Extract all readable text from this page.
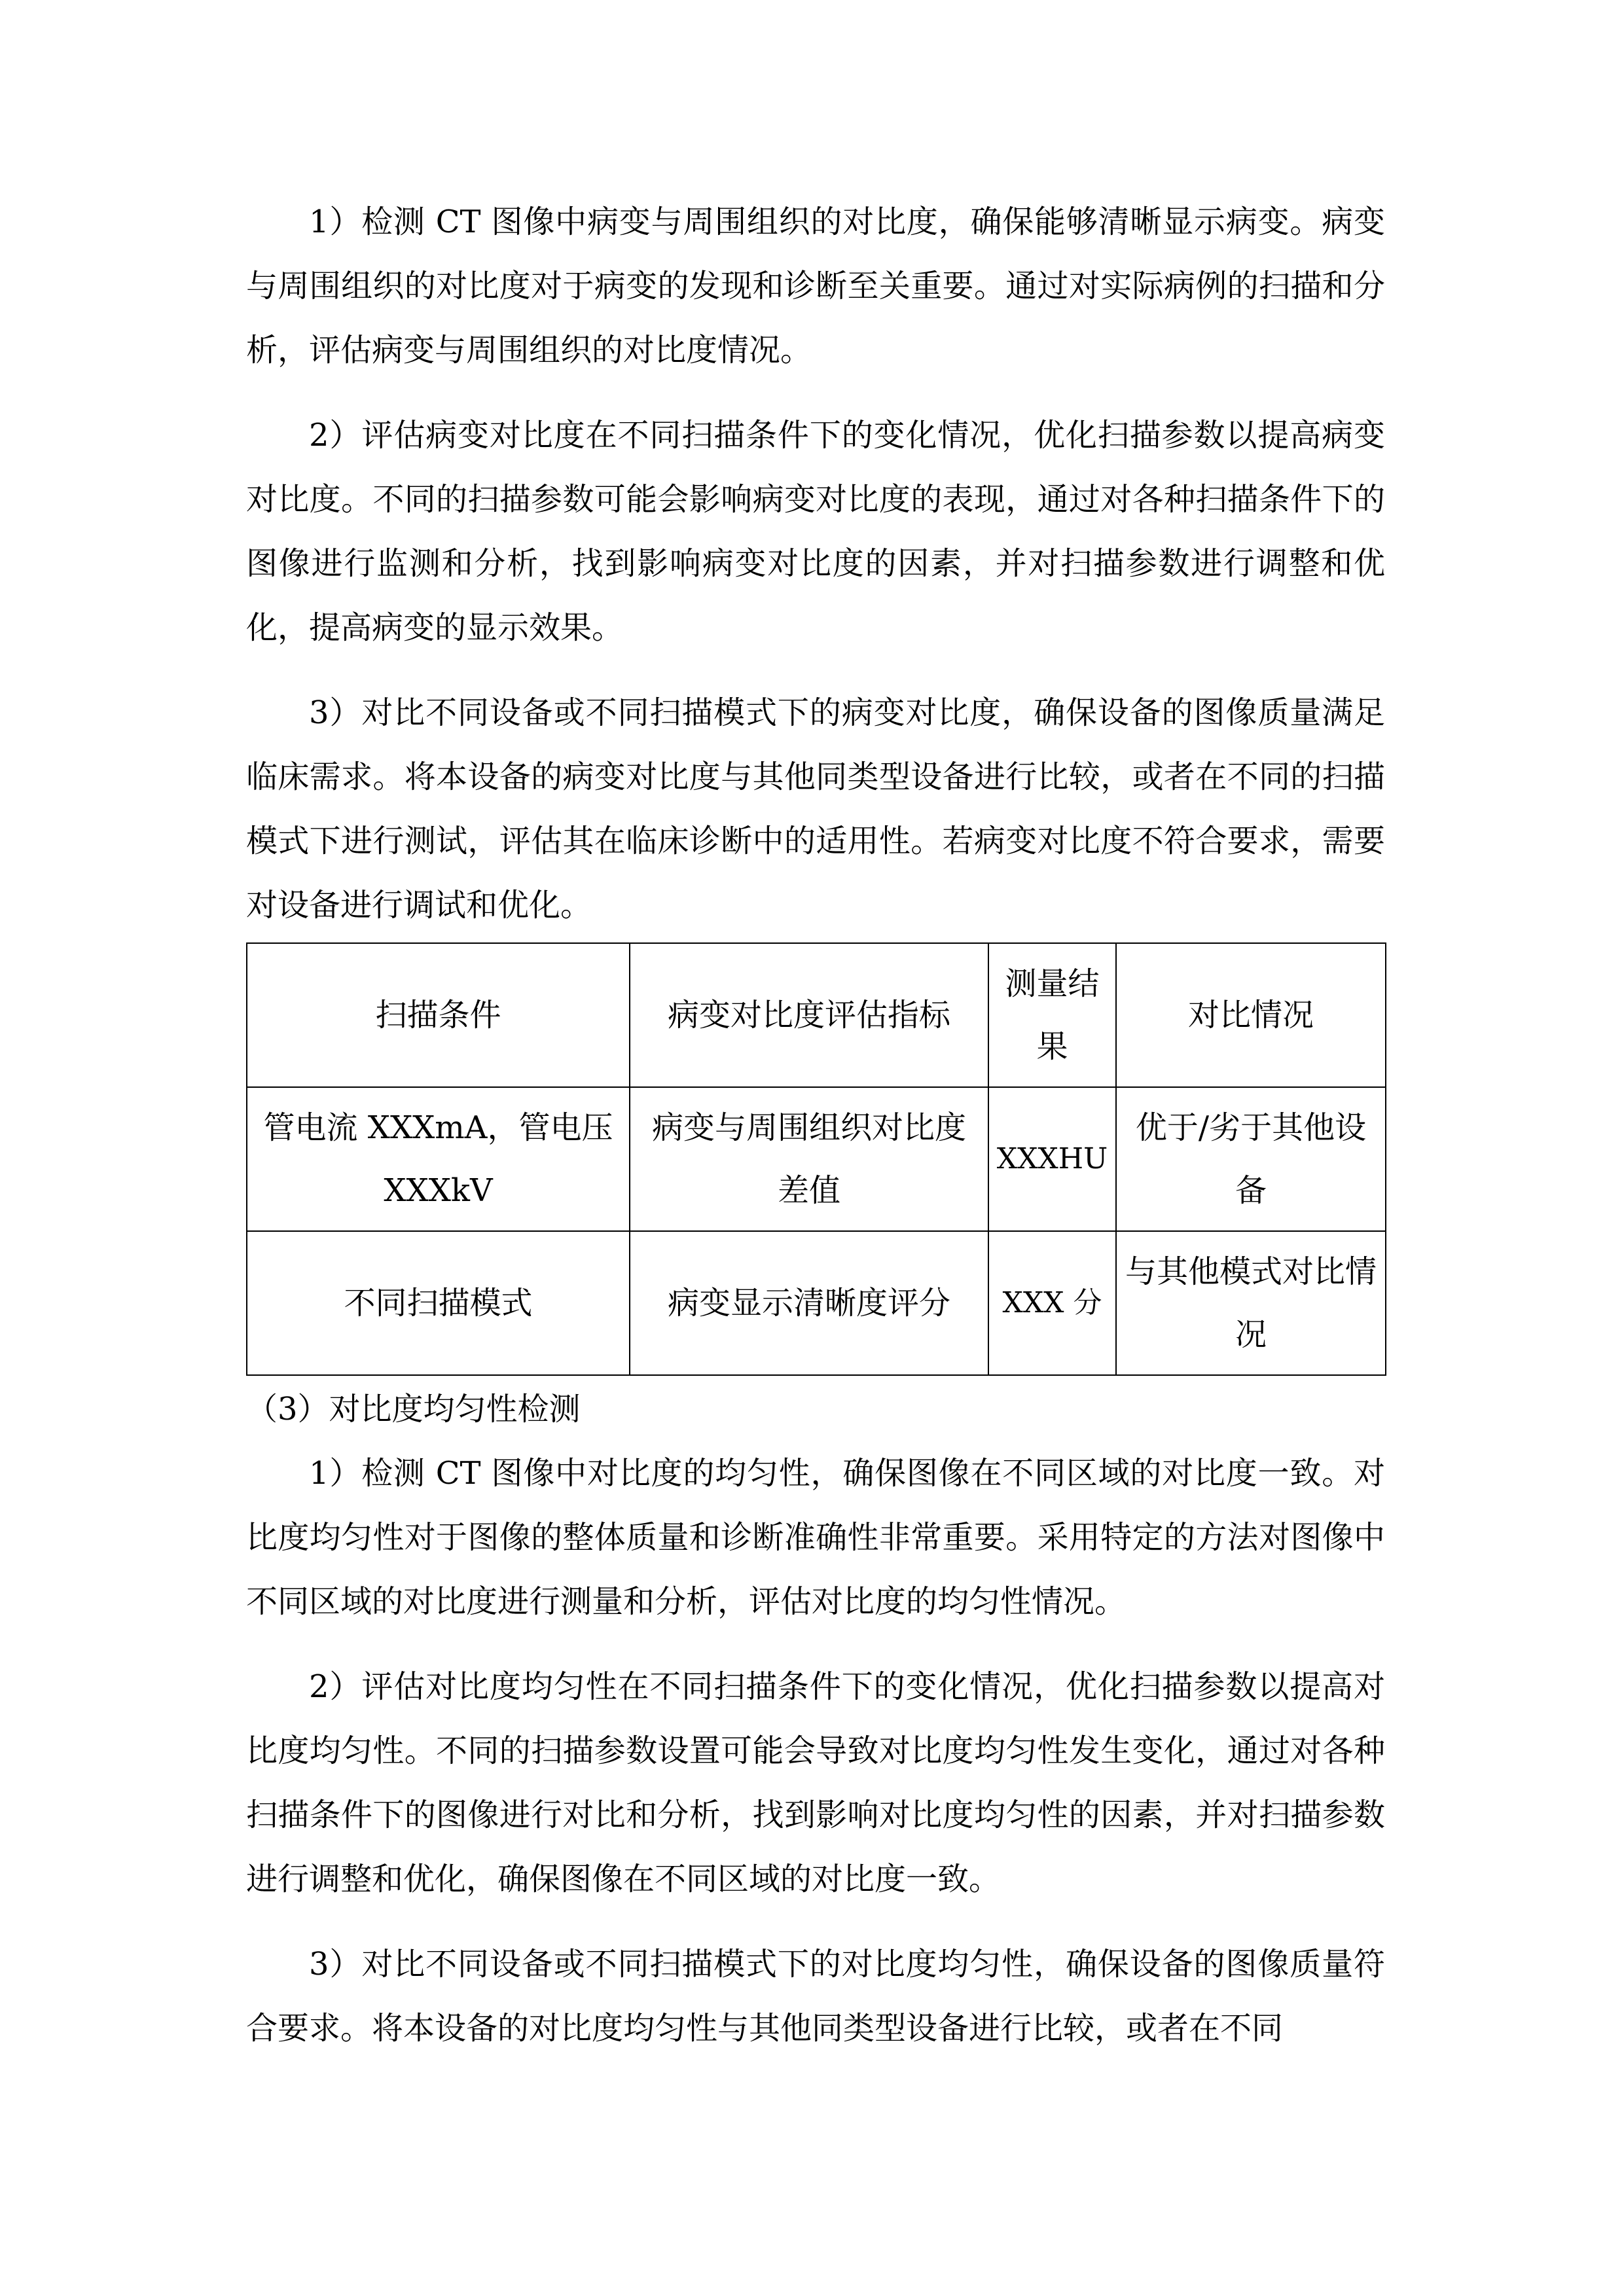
1）检测 CT 图像中病变与周围组织的对比度，确保能够清晰显示病变。病变与周围组织的对比度对于病变的发现和诊断至关重要。通过对实际病例的扫描和分析，评估病变与周围组织的对比度情况。

2）评估病变对比度在不同扫描条件下的变化情况，优化扫描参数以提高病变对比度。不同的扫描参数可能会影响病变对比度的表现，通过对各种扫描条件下的图像进行监测和分析，找到影响病变对比度的因素，并对扫描参数进行调整和优化，提高病变的显示效果。

3）对比不同设备或不同扫描模式下的病变对比度，确保设备的图像质量满足临床需求。将本设备的病变对比度与其他同类型设备进行比较，或者在不同的扫描模式下进行测试，评估其在临床诊断中的适用性。若病变对比度不符合要求，需要对设备进行调试和优化。

扫描条件	病变对比度评估指标	测量结果	对比情况
管电流 XXXmA，管电压 XXXkV	病变与周围组织对比度差值	XXXHU	优于/劣于其他设备
不同扫描模式	病变显示清晰度评分	XXX 分	与其他模式对比情况

（3）对比度均匀性检测

1）检测 CT 图像中对比度的均匀性，确保图像在不同区域的对比度一致。对比度均匀性对于图像的整体质量和诊断准确性非常重要。采用特定的方法对图像中不同区域的对比度进行测量和分析，评估对比度的均匀性情况。

2）评估对比度均匀性在不同扫描条件下的变化情况，优化扫描参数以提高对比度均匀性。不同的扫描参数设置可能会导致对比度均匀性发生变化，通过对各种扫描条件下的图像进行对比和分析，找到影响对比度均匀性的因素，并对扫描参数进行调整和优化，确保图像在不同区域的对比度一致。

3）对比不同设备或不同扫描模式下的对比度均匀性，确保设备的图像质量符合要求。将本设备的对比度均匀性与其他同类型设备进行比较，或者在不同
